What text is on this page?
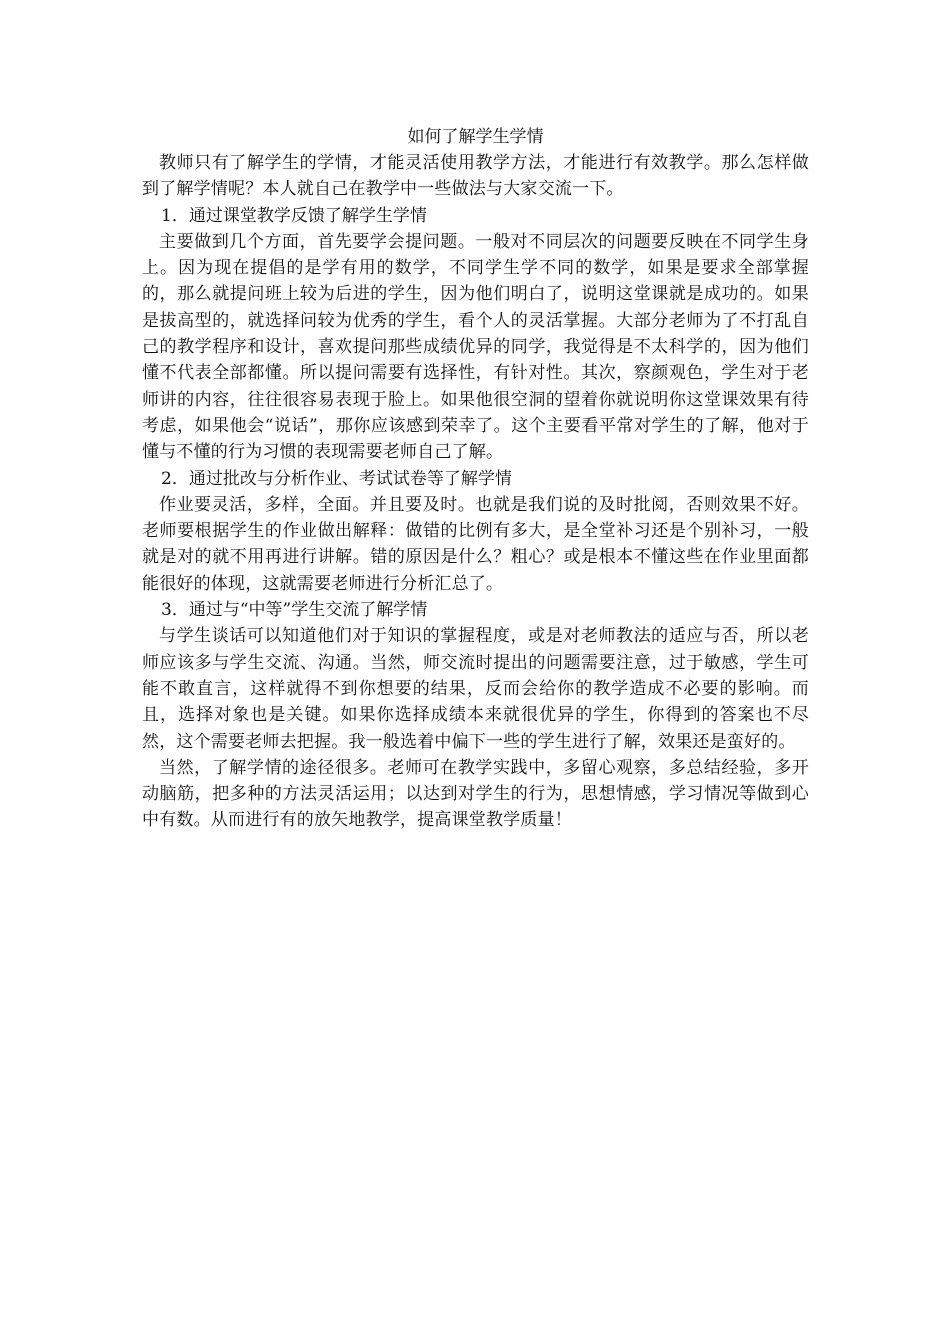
如何了解学生学情

教师只有了解学生的学情，才能灵活使用教学方法，才能进行有效教学。那么怎样做到了解学情呢？本人就自己在教学中一些做法与大家交流一下。

1．通过课堂教学反馈了解学生学情

主要做到几个方面，首先要学会提问题。一般对不同层次的问题要反映在不同学生身上。因为现在提倡的是学有用的数学，不同学生学不同的数学，如果是要求全部掌握的，那么就提问班上较为后进的学生，因为他们明白了，说明这堂课就是成功的。如果是拔高型的，就选择问较为优秀的学生，看个人的灵活掌握。大部分老师为了不打乱自己的教学程序和设计，喜欢提问那些成绩优异的同学，我觉得是不太科学的，因为他们懂不代表全部都懂。所以提问需要有选择性，有针对性。其次，察颜观色，学生对于老师讲的内容，往往很容易表现于脸上。如果他很空洞的望着你就说明你这堂课效果有待考虑，如果他会“说话”，那你应该感到荣幸了。这个主要看平常对学生的了解，他对于懂与不懂的行为习惯的表现需要老师自己了解。

2．通过批改与分析作业、考试试卷等了解学情

作业要灵活，多样，全面。并且要及时。也就是我们说的及时批阅，否则效果不好。老师要根据学生的作业做出解释：做错的比例有多大，是全堂补习还是个别补习，一般就是对的就不用再进行讲解。错的原因是什么？粗心？或是根本不懂这些在作业里面都能很好的体现，这就需要老师进行分析汇总了。

3．通过与“中等”学生交流了解学情

与学生谈话可以知道他们对于知识的掌握程度，或是对老师教法的适应与否，所以老师应该多与学生交流、沟通。当然，师交流时提出的问题需要注意，过于敏感，学生可能不敢直言，这样就得不到你想要的结果，反而会给你的教学造成不必要的影响。而且，选择对象也是关键。如果你选择成绩本来就很优异的学生，你得到的答案也不尽然，这个需要老师去把握。我一般选着中偏下一些的学生进行了解，效果还是蛮好的。

当然，了解学情的途径很多。老师可在教学实践中，多留心观察，多总结经验，多开动脑筋，把多种的方法灵活运用；以达到对学生的行为，思想情感，学习情况等做到心中有数。从而进行有的放矢地教学，提高课堂教学质量！
